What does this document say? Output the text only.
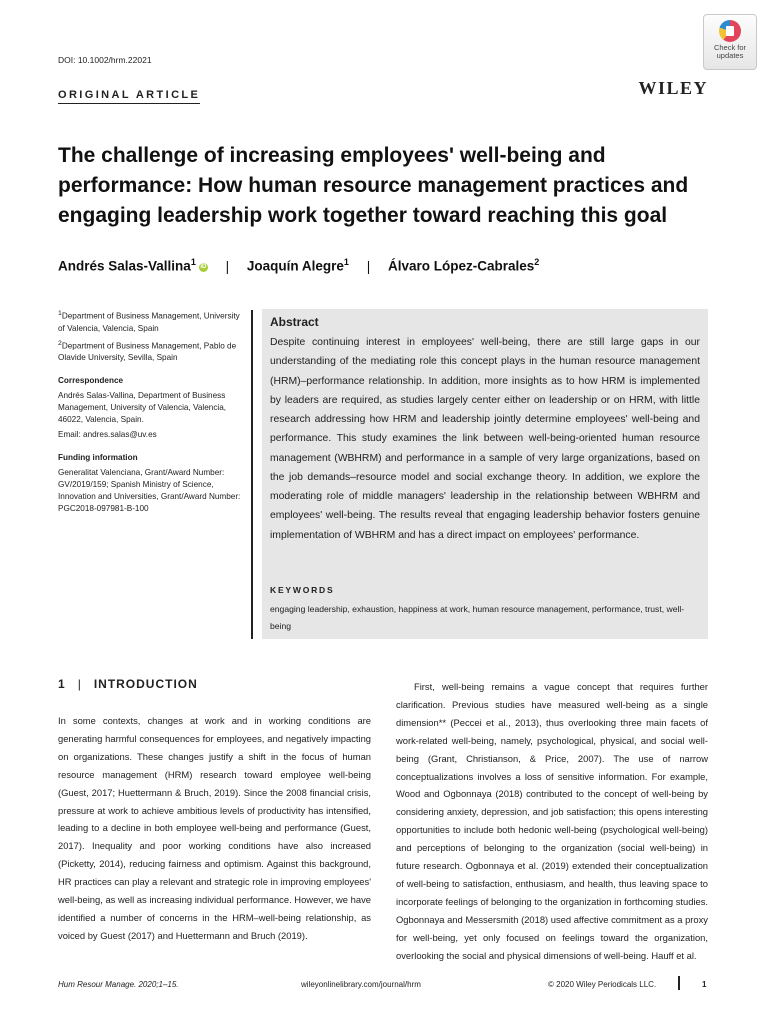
DOI: 10.1002/hrm.22021
ORIGINAL ARTICLE	WILEY
Check for
updates
The challenge of increasing employees' well-being and performance: How human resource management practices and engaging leadership work together toward reaching this goal
Andrés Salas-Vallina$^1$ iD | Joaquín Alegre$^1$ | Álvaro López-Cabrales$^2$

$^1$Department of Business Management, University of Valencia, Valencia, Spain

$^2$Department of Business Management, Pablo de Olavide University, Sevilla, Spain

Correspondence

Andrés Salas-Vallina, Department of Business Management, University of Valencia, Valencia, 46022, Valencia, Spain.

Email: andres.salas@uv.es

Funding information

Generalitat Valenciana, Grant/Award Number: GV/2019/159; Spanish Ministry of Science, Innovation and Universities, Grant/Award Number: PGC2018-097981-B-100

Abstract
Despite continuing interest in employees' well-being, there are still large gaps in our understanding of the mediating role this concept plays in the human resource management (HRM)–performance relationship. In addition, more insights as to how HRM is implemented by leaders are required, as studies largely center either on leadership or on HRM, with little research addressing how HRM and leadership jointly determine employees' well-being and performance. This study examines the link between well-being-oriented human resource management (WBHRM) and performance in a sample of very large organizations, based on the job demands–resource model and social exchange theory. In addition, we explore the moderating role of middle managers' leadership in the relationship between WBHRM and employees' well-being. The results reveal that engaging leadership behavior fosters genuine implementation of WBHRM and has a direct impact on employees' performance.
KEYWORDS
engaging leadership, exhaustion, happiness at work, human resource management, performance, trust, well-being
1 | INTRODUCTION

In some contexts, changes at work and in working conditions are generating harmful consequences for employees, and negatively impacting on organizations. These changes justify a shift in the focus of human resource management (HRM) research toward employee well-being (Guest, 2017; Huettermann & Bruch, 2019). Since the 2008 financial crisis, pressure at work to achieve ambitious levels of productivity has intensified, leading to a decline in both employee well-being and performance (Guest, 2017). Inequality and poor working conditions have also increased (Picketty, 2014), reducing fairness and optimism. Against this background, HR practices can play a relevant and strategic role in improving employees' well-being, as well as increasing individual performance. However, we have identified a number of concerns in the HRM–well-being relationship, as voiced by Guest (2017) and Huettermann and Bruch (2019).

First, well-being remains a vague concept that requires further clarification. Previous studies have measured well-being as a single dimension** (Peccei et al., 2013), thus overlooking three main facets of work-related well-being, namely, psychological, physical, and social well-being (Grant, Christianson, & Price, 2007). The use of narrow conceptualizations involves a loss of sensitive information. For example, Wood and Ogbonnaya (2018) contributed to the concept of well-being by considering anxiety, depression, and job satisfaction; this opens interesting opportunities to include both hedonic well-being (psychological well-being) and perceptions of belonging to the organization (social well-being) in future research. Ogbonnaya et al. (2019) extended their conceptualization of well-being to satisfaction, enthusiasm, and health, thus leaving space to incorporate feelings of belonging to the organization in forthcoming studies. Ogbonnaya and Messersmith (2018) used affective commitment as a proxy for well-being, yet only focused on feelings toward the organization, overlooking the social and physical dimensions of well-being. Hauff et al.

Hum Resour Manage. 2020;1–15.	wileyonlinelibrary.com/journal/hrm	© 2020 Wiley Periodicals LLC.	1
